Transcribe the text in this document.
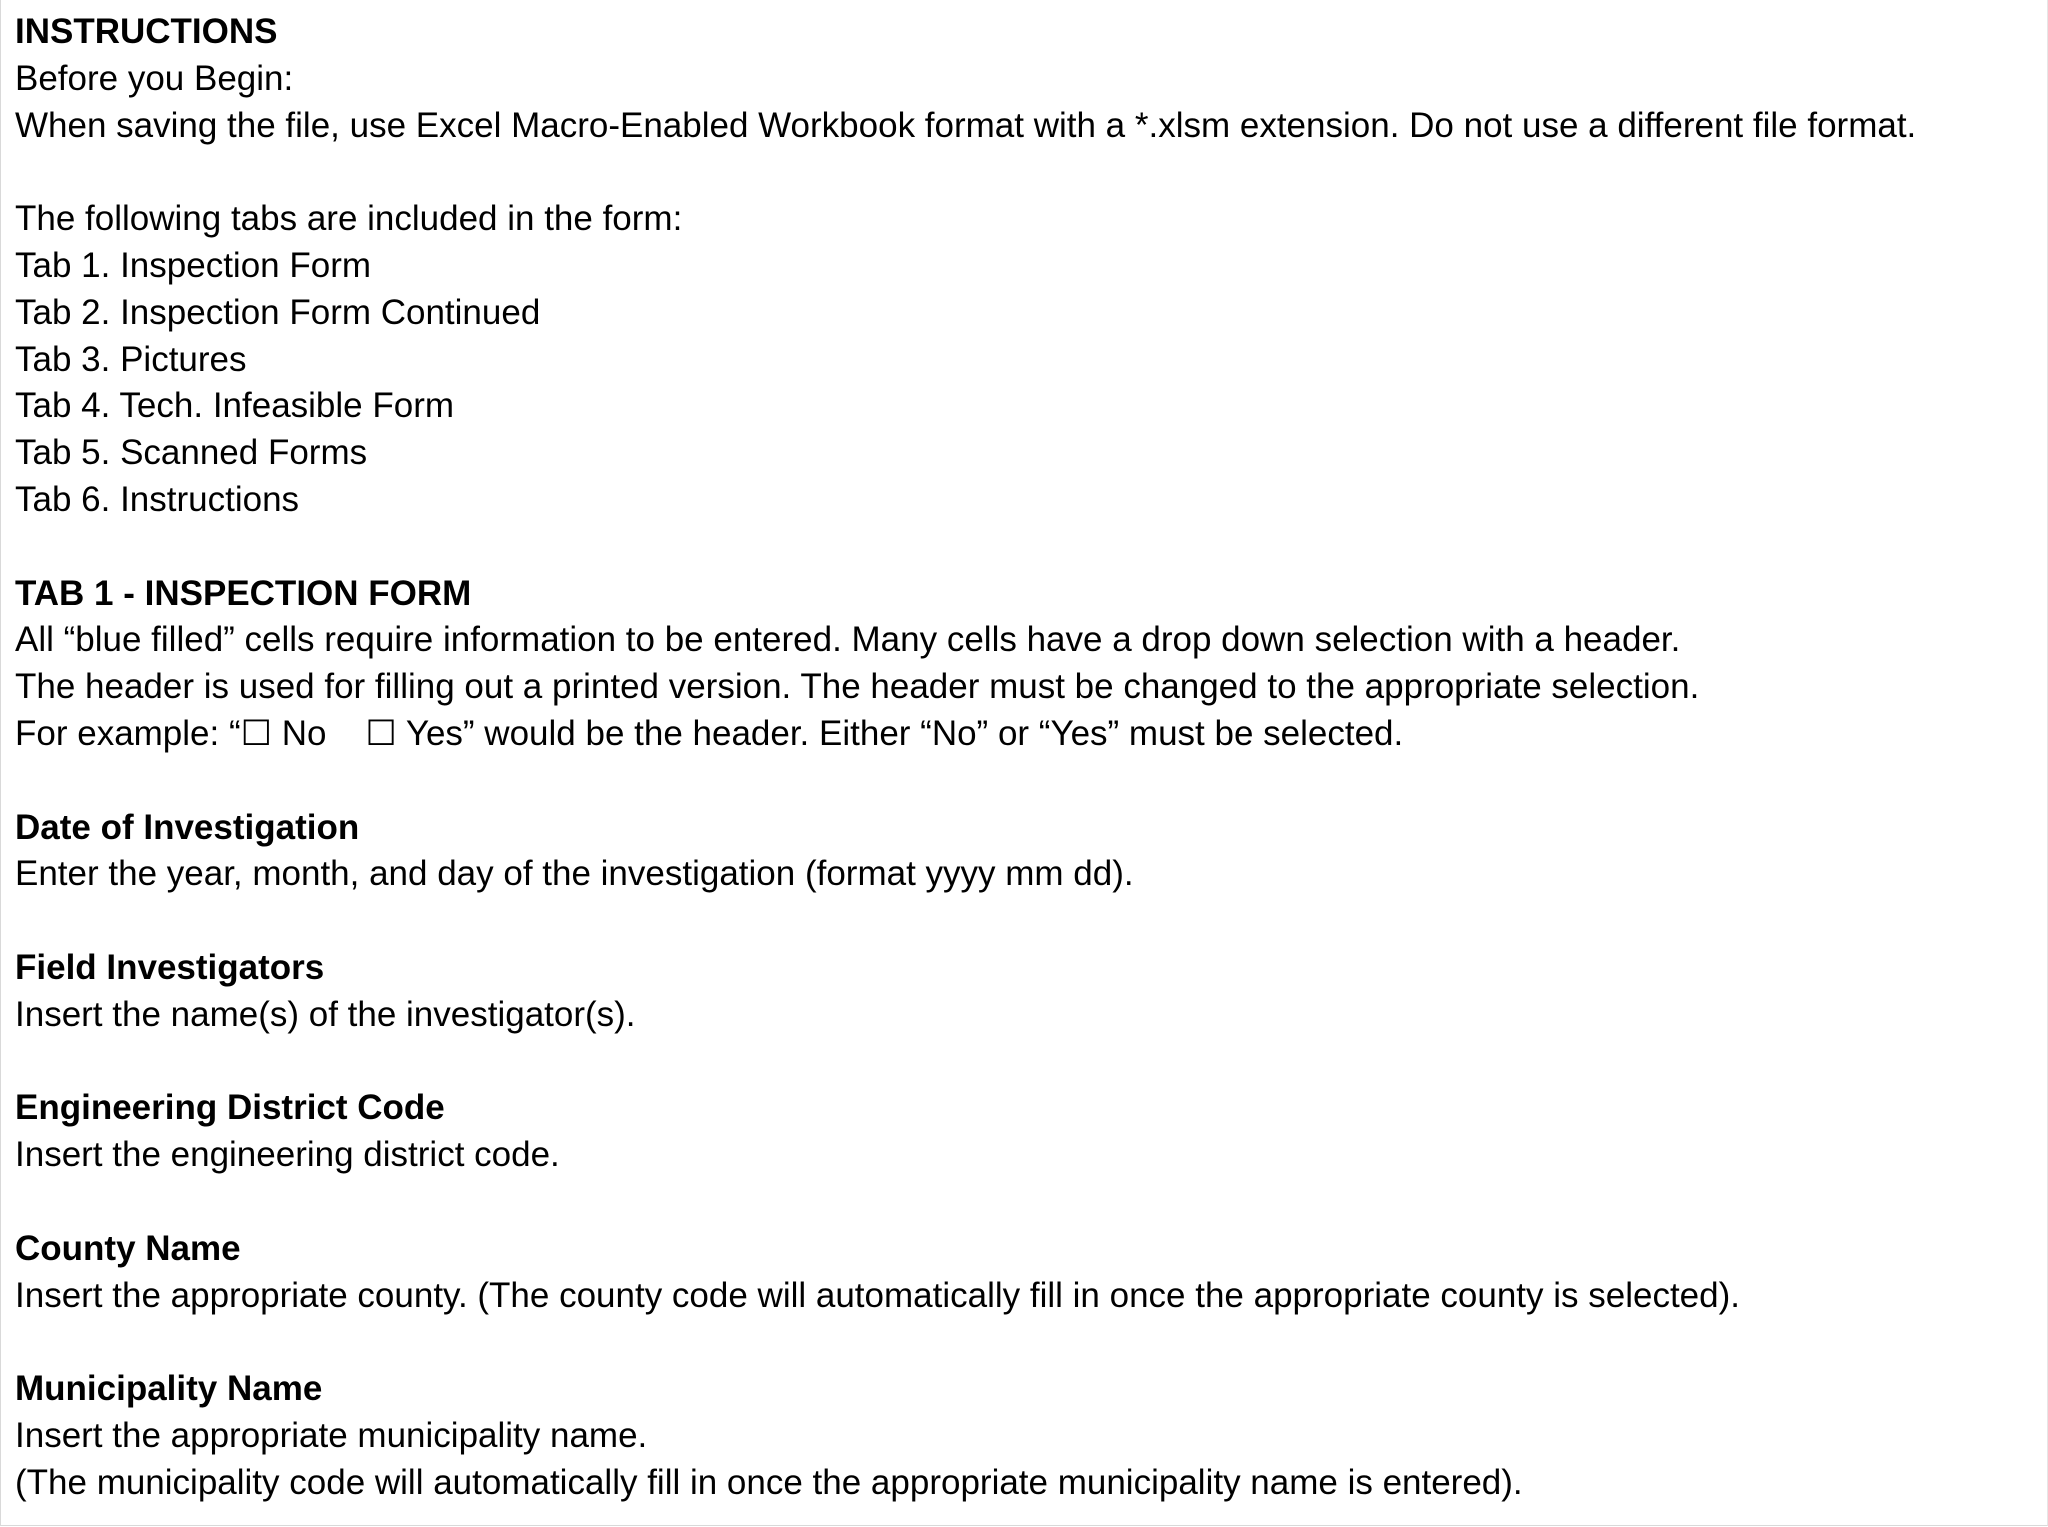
INSTRUCTIONS
Before you Begin:
When saving the file, use Excel Macro-Enabled Workbook format with a *.xlsm extension. Do not use a different file format.
The following tabs are included in the form:
Tab 1. Inspection Form
Tab 2. Inspection Form Continued
Tab 3. Pictures
Tab 4. Tech. Infeasible Form
Tab 5. Scanned Forms
Tab 6. Instructions
TAB 1 - INSPECTION FORM
All “blue filled” cells require information to be entered. Many cells have a drop down selection with a header.
The header is used for filling out a printed version. The header must be changed to the appropriate selection.
For example: “☐ No    ☐ Yes” would be the header. Either “No” or “Yes” must be selected.
Date of Investigation
Enter the year, month, and day of the investigation (format yyyy mm dd).
Field Investigators
Insert the name(s) of the investigator(s).
Engineering District Code
Insert the engineering district code.
County Name
Insert the appropriate county. (The county code will automatically fill in once the appropriate county is selected).
Municipality Name
Insert the appropriate municipality name.
(The municipality code will automatically fill in once the appropriate municipality name is entered).
